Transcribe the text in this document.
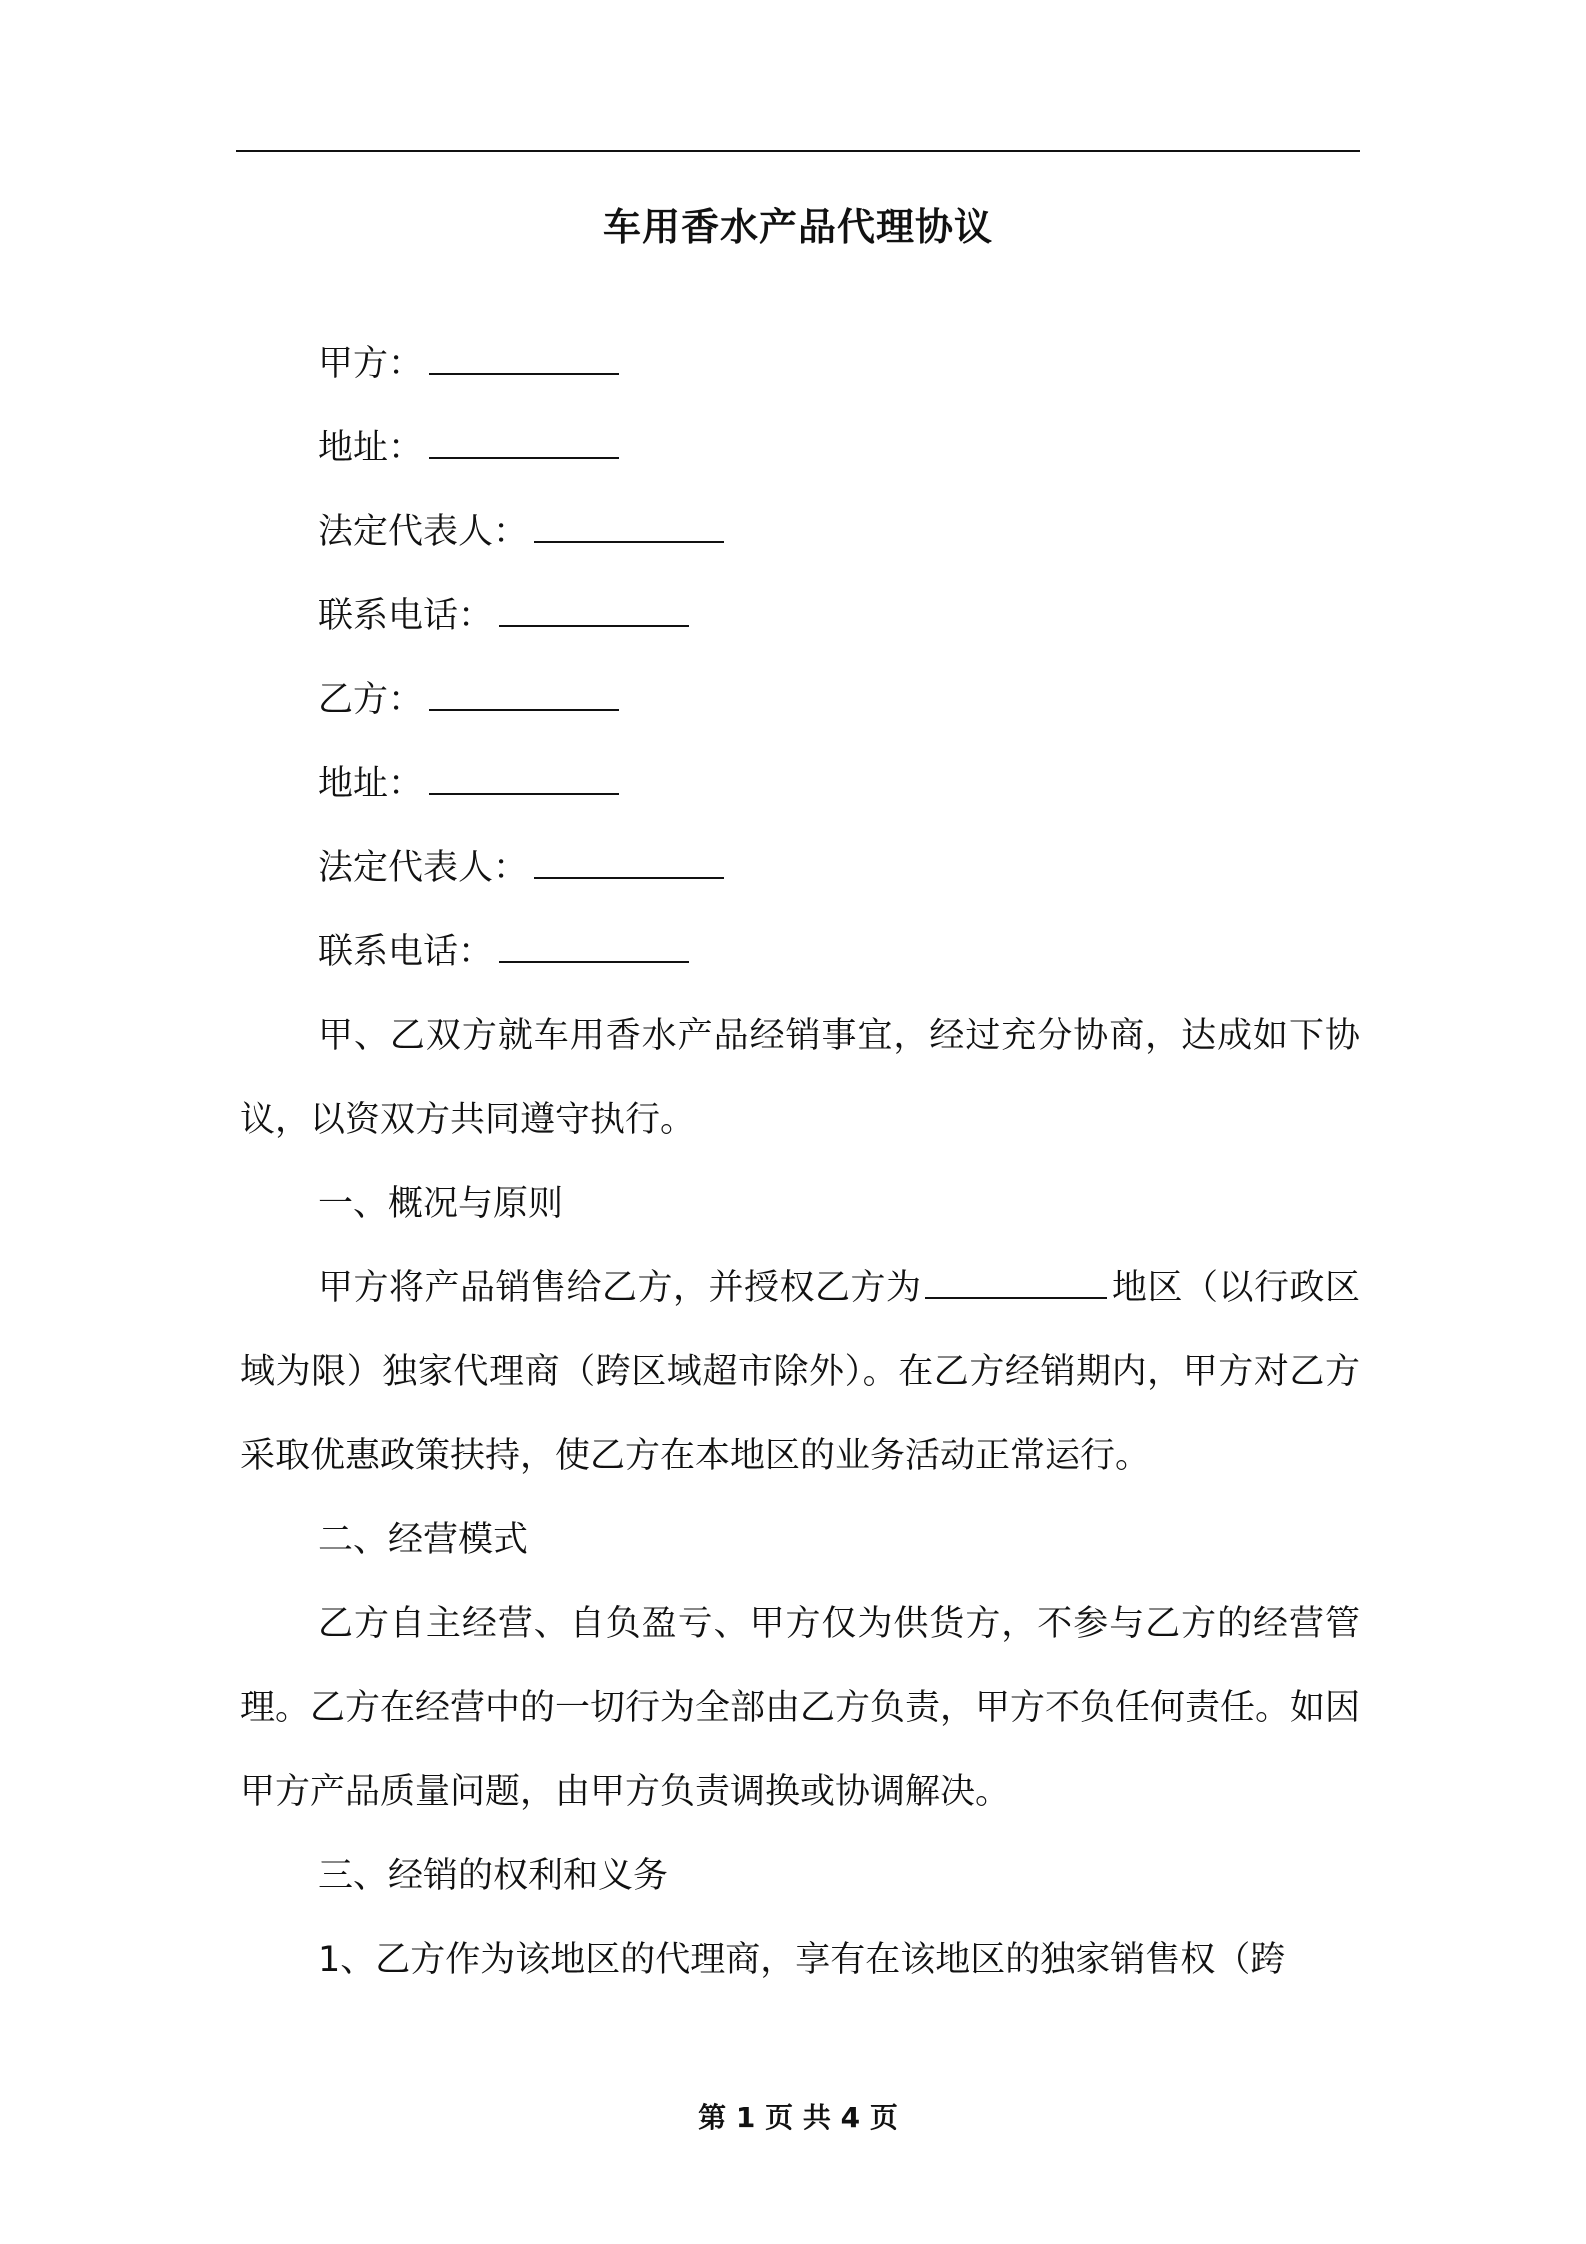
车用香水产品代理协议
甲方：
地址：
法定代表人：
联系电话：
乙方：
地址：
法定代表人：
联系电话：

甲、乙双方就车用香水产品经销事宜，经过充分协商，达成如下协议，以资双方共同遵守执行。

一、概况与原则

甲方将产品销售给乙方，并授权乙方为	地区（以行政区域为限）独家代理商（跨区域超市除外）。在乙方经销期内，甲方对乙方采取优惠政策扶持，使乙方在本地区的业务活动正常运行。

二、经营模式

乙方自主经营、自负盈亏、甲方仅为供货方，不参与乙方的经营管理。乙方在经营中的一切行为全部由乙方负责，甲方不负任何责任。如因甲方产品质量问题，由甲方负责调换或协调解决。

三、经销的权利和义务

1、乙方作为该地区的代理商，享有在该地区的独家销售权（跨

第 1 页 共 4 页
